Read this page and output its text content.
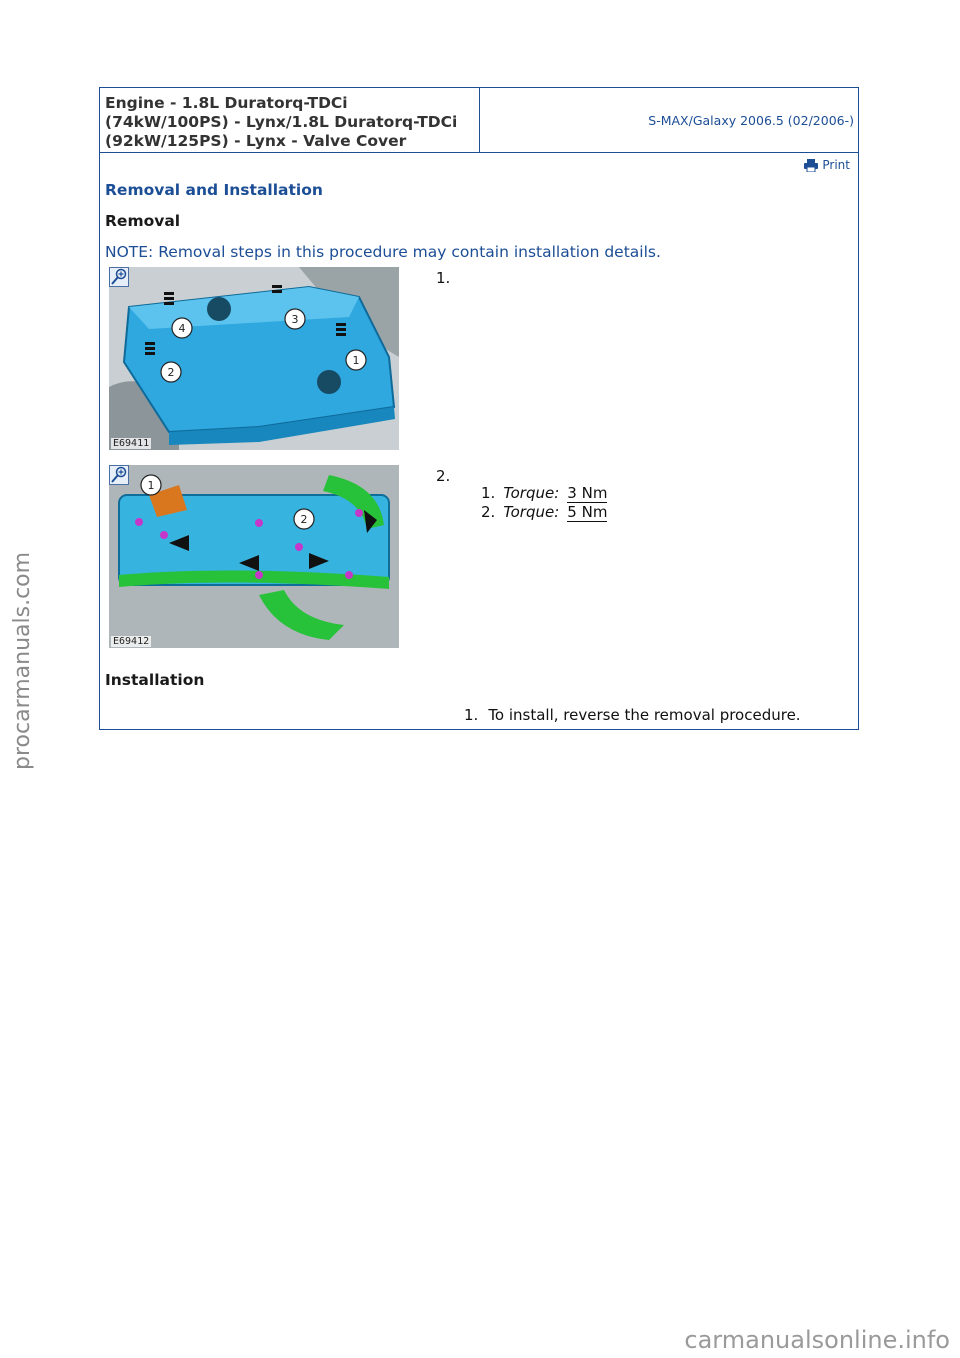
Engine - 1.8L Duratorq-TDCi (74kW/100PS) - Lynx/1.8L Duratorq-TDCi (92kW/125PS) - Lynx - Valve Cover
S-MAX/Galaxy 2006.5 (02/2006-)
Print
Removal and Installation
Removal
NOTE: Removal steps in this procedure may contain installation details.
4
3
2
1
E69411
1.
1
2
E69412
2.
1. Torque: 3 Nm
2. Torque: 5 Nm
Installation
1. To install, reverse the removal procedure.
procarmanuals.com
carmanualsonline.info
